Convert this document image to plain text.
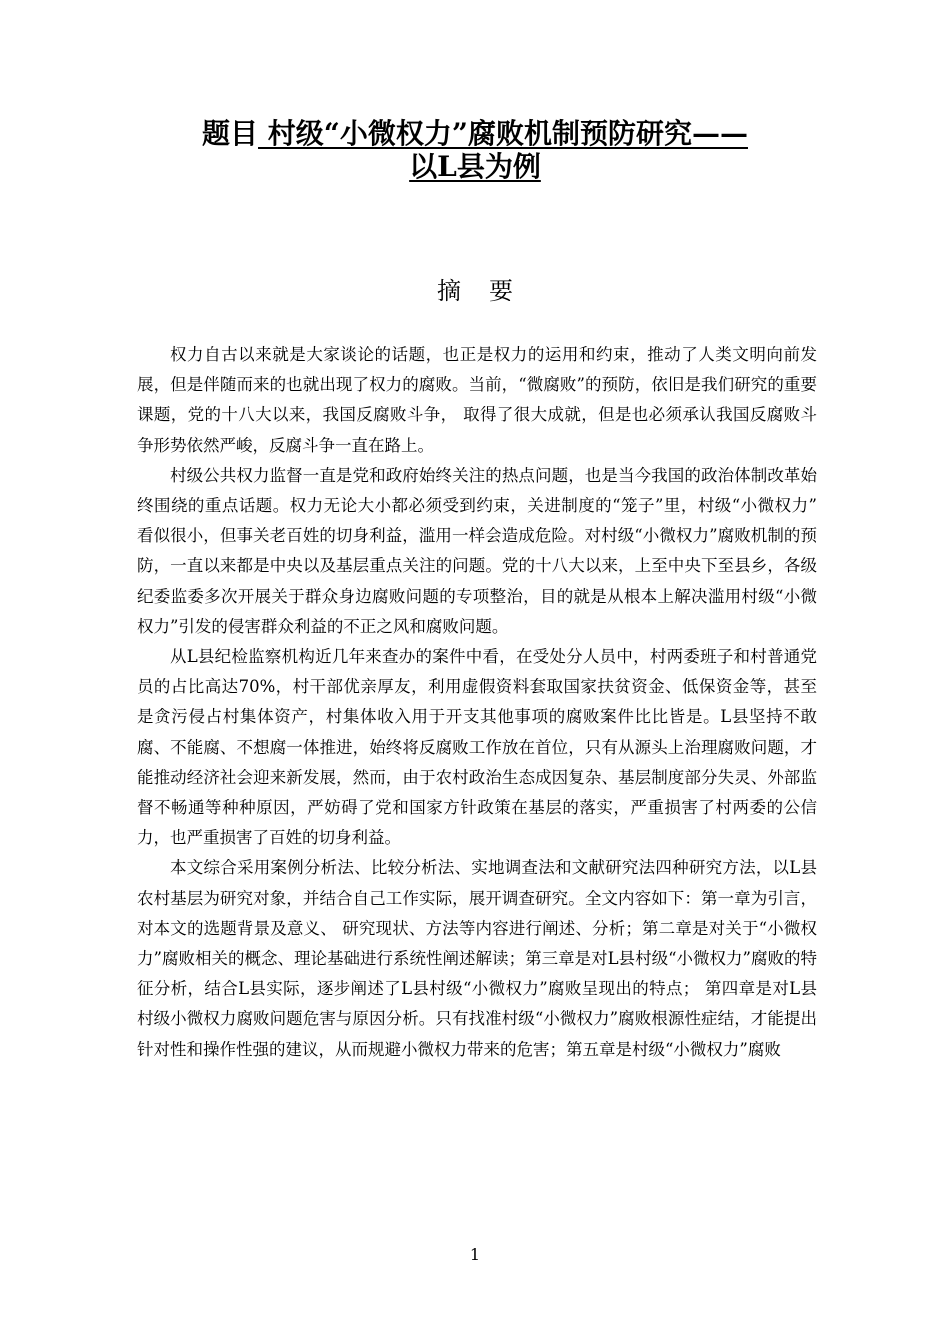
题目 村级“小微权力”腐败机制预防研究——
以L县为例
摘要

权力自古以来就是大家谈论的话题，也正是权力的运用和约束，推动了人类文明向前发展，但是伴随而来的也就出现了权力的腐败。当前，“微腐败”的预防，依旧是我们研究的重要课题，党的十八大以来，我国反腐败斗争， 取得了很大成就，但是也必须承认我国反腐败斗争形势依然严峻，反腐斗争一直在路上。

村级公共权力监督一直是党和政府始终关注的热点问题，也是当今我国的政治体制改革始终围绕的重点话题。权力无论大小都必须受到约束，关进制度的“笼子”里，村级“小微权力” 看似很小，但事关老百姓的切身利益，滥用一样会造成危险。对村级“小微权力”腐败机制的预防，一直以来都是中央以及基层重点关注的问题。党的十八大以来，上至中央下至县乡，各级纪委监委多次开展关于群众身边腐败问题的专项整治，目的就是从根本上解决滥用村级“小微权力”引发的侵害群众利益的不正之风和腐败问题。

从L县纪检监察机构近几年来查办的案件中看，在受处分人员中，村两委班子和村普通党员的占比高达70%，村干部优亲厚友，利用虚假资料套取国家扶贫资金、低保资金等，甚至是贪污侵占村集体资产，村集体收入用于开支其他事项的腐败案件比比皆是。L县坚持不敢腐、不能腐、不想腐一体推进，始终将反腐败工作放在首位，只有从源头上治理腐败问题，才能推动经济社会迎来新发展，然而，由于农村政治生态成因复杂、基层制度部分失灵、外部监督不畅通等种种原因，严妨碍了党和国家方针政策在基层的落实，严重损害了村两委的公信力，也严重损害了百姓的切身利益。

本文综合采用案例分析法、比较分析法、实地调查法和文献研究法四种研究方法，以L县农村基层为研究对象，并结合自己工作实际，展开调查研究。全文内容如下：第一章为引言，对本文的选题背景及意义、 研究现状、方法等内容进行阐述、分析；第二章是对关于“小微权力”腐败相关的概念、理论基础进行系统性阐述解读；第三章是对L县村级“小微权力”腐败的特征分析，结合L县实际，逐步阐述了L县村级“小微权力”腐败呈现出的特点； 第四章是对L县村级小微权力腐败问题危害与原因分析。只有找准村级“小微权力”腐败根源性症结，才能提出针对性和操作性强的建议，从而规避小微权力带来的危害；第五章是村级“小微权力”腐败

1
